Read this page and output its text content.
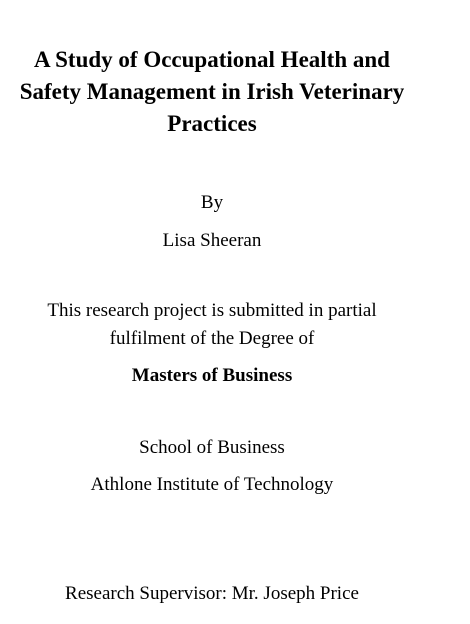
A Study of Occupational Health and
Safety Management in Irish Veterinary
Practices

By

Lisa Sheeran

This research project is submitted in partial

fulfilment of the Degree of

Masters of Business

School of Business

Athlone Institute of Technology

Research Supervisor: Mr. Joseph Price
